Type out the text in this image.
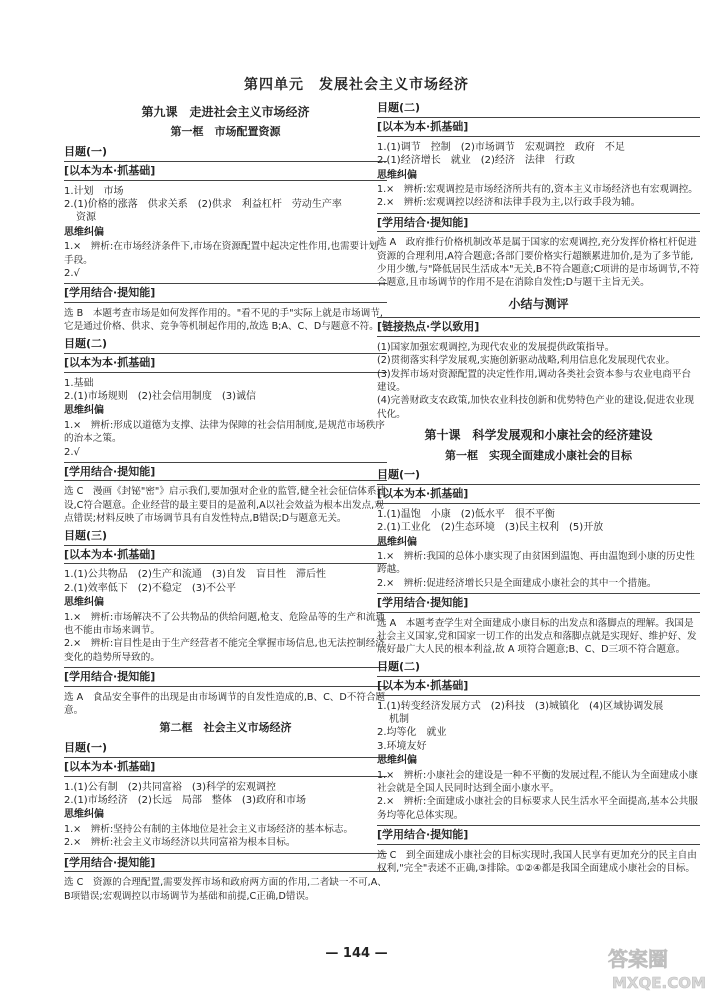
第四单元　发展社会主义市场经济
第九课　走进社会主义市场经济
第一框　市场配置资源
目题(一)
[以本为本·抓基础]
1.计划　市场
2.(1)价格的涨落　供求关系　(2)供求　利益杠杆　劳动生产率
资源
思维纠偏
1.×　辨析:在市场经济条件下,市场在资源配置中起决定性作用,也需要计划手段。
2.√
[学用结合·提知能]
选 B　本题考查市场是如何发挥作用的。"看不见的手"实际上就是市场调节,它是通过价格、供求、竞争等机制起作用的,故选 B;A、C、D与题意不符。
目题(二)
[以本为本·抓基础]
1.基础
2.(1)市场规则　(2)社会信用制度　(3)诚信
思维纠偏
1.×　辨析:形成以道德为支撑、法律为保障的社会信用制度,是规范市场秩序的治本之策。
2.√
[学用结合·提知能]
选 C　漫画《封铋"密"》启示我们,要加强对企业的监管,健全社会征信体系建设,C符合题意。企业经营的最主要目的是盈利,A以社会效益为根本出发点,观点错误;材料反映了市场调节具有自发性特点,B错误;D与题意无关。
目题(三)
[以本为本·抓基础]
1.(1)公共物品　(2)生产和流通　(3)自发　盲目性　滞后性
2.(1)效率低下　(2)不稳定　(3)不公平
思维纠偏
1.×　辨析:市场解决不了公共物品的供给问题,枪支、危险品等的生产和流通也不能由市场来调节。
2.×　辨析:盲目性是由于生产经营者不能完全掌握市场信息,也无法控制经济变化的趋势所导致的。
[学用结合·提知能]
选 A　食品安全事件的出现是由市场调节的自发性造成的,B、C、D不符合题意。
第二框　社会主义市场经济
目题(一)
[以本为本·抓基础]
1.(1)公有制　(2)共同富裕　(3)科学的宏观调控
2.(1)市场经济　(2)长远　局部　整体　(3)政府和市场
思维纠偏
1.×　辨析:坚持公有制的主体地位是社会主义市场经济的基本标志。
2.×　辨析:社会主义市场经济以共同富裕为根本目标。
[学用结合·提知能]
选 C　资源的合理配置,需要发挥市场和政府两方面的作用,二者缺一不可,A、B项错误;宏观调控以市场调节为基础和前提,C正确,D错误。
目题(二)
[以本为本·抓基础]
1.(1)调节　控制　(2)市场调节　宏观调控　政府　不足
2.(1)经济增长　就业　(2)经济　法律　行政
思维纠偏
1.×　辨析:宏观调控是市场经济所共有的,资本主义市场经济也有宏观调控。
2.×　辨析:宏观调控以经济和法律手段为主,以行政手段为辅。
[学用结合·提知能]
选 A　政府推行价格机制改革是属于国家的宏观调控,充分发挥价格杠杆促进资源的合理利用,A符合题意;各部门要价格实行超额累进加价,是为了多节能,少用少缴,与"降低居民生活成本"无关,B不符合题意;C项讲的是市场调节,不符合题意,且市场调节的作用不是在消除自发性;D与题干主旨无关。
小结与测评
[链接热点·学以致用]
(1)国家加强宏观调控,为现代农业的发展提供政策指导。
(2)贯彻落实科学发展观,实施创新驱动战略,利用信息化发展现代农业。
(3)发挥市场对资源配置的决定性作用,调动各类社会资本参与农业电商平台建设。
(4)完善财政支农政策,加快农业科技创新和优势特色产业的建设,促进农业现代化。
第十课　科学发展观和小康社会的经济建设
第一框　实现全面建成小康社会的目标
目题(一)
[以本为本·抓基础]
1.(1)温饱　小康　(2)低水平　很不平衡
2.(1)工业化　(2)生态环境　(3)民主权利　(5)开放
思维纠偏
1.×　辨析:我国的总体小康实现了由贫困到温饱、再由温饱到小康的历史性跨越。
2.×　辨析:促进经济增长只是全面建成小康社会的其中一个措施。
[学用结合·提知能]
选 A　本题考查学生对全面建成小康目标的出发点和落脚点的理解。我国是社会主义国家,党和国家一切工作的出发点和落脚点就是实现好、维护好、发展好最广大人民的根本利益,故 A 项符合题意;B、C、D三项不符合题意。
目题(二)
[以本为本·抓基础]
1.(1)转变经济发展方式　(2)科技　(3)城镇化　(4)区域协调发展
机制
2.均等化　就业
3.环境友好
思维纠偏
1.×　辨析:小康社会的建设是一种不平衡的发展过程,不能认为全面建成小康社会就是全国人民同时达到全面小康水平。
2.×　辨析:全面建成小康社会的目标要求人民生活水平全面提高,基本公共服务均等化总体实现。
[学用结合·提知能]
选 C　到全面建成小康社会的目标实现时,我国人民享有更加充分的民主自由权利,"完全"表述不正确,③排除。①②④都是我国全面建成小康社会的目标。
— 144 —	答案圈
MXQE.COM
